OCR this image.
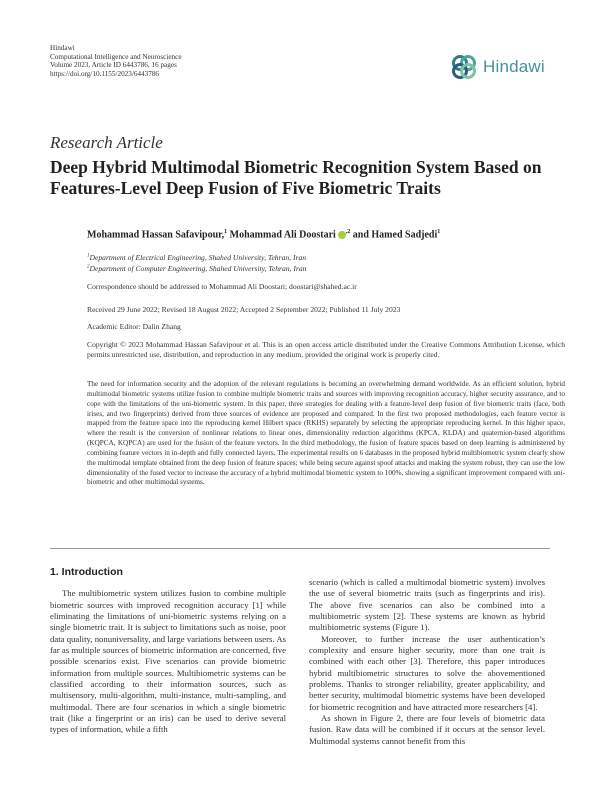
Hindawi
Computational Intelligence and Neuroscience
Volume 2023, Article ID 6443786, 16 pages
https://doi.org/10.1155/2023/6443786	Hindawi
Research Article
Deep Hybrid Multimodal Biometric Recognition System Based on Features-Level Deep Fusion of Five Biometric Traits
Mohammad Hassan Safavipour,$^1$ Mohammad Ali Doostari $^{,2}$ and Hamed Sadjedi$^1$
$^1$Department of Electrical Engineering, Shahed University, Tehran, Iran
$^2$Department of Computer Engineering, Shahed University, Tehran, Iran
Correspondence should be addressed to Mohammad Ali Doostari; doostari@shahed.ac.ir
Received 29 June 2022; Revised 18 August 2022; Accepted 2 September 2022; Published 11 July 2023
Academic Editor: Dalin Zhang
Copyright © 2023 Mohammad Hassan Safavipour et al. This is an open access article distributed under the Creative Commons Attribution License, which permits unrestricted use, distribution, and reproduction in any medium, provided the original work is properly cited.

The need for information security and the adoption of the relevant regulations is becoming an overwhelming demand worldwide. As an efficient solution, hybrid multimodal biometric systems utilize fusion to combine multiple biometric traits and sources with improving recognition accuracy, higher security assurance, and to cope with the limitations of the uni-biometric system. In this paper, three strategies for dealing with a feature-level deep fusion of five biometric traits (face, both irises, and two fingerprints) derived from three sources of evidence are proposed and compared. In the first two proposed methodologies, each feature vector is mapped from the feature space into the reproducing kernel Hilbert space (RKHS) separately by selecting the appropriate reproducing kernel. In this higher space, where the result is the conversion of nonlinear relations to linear ones, dimensionality reduction algorithms (KPCA, KLDA) and quaternion-based algorithms (KQPCA, KQPCA) are used for the fusion of the feature vectors. In the third methodology, the fusion of feature spaces based on deep learning is administered by combining feature vectors in in-depth and fully connected layers. The experimental results on 6 databases in the proposed hybrid multibiometric system clearly show the multimodal template obtained from the deep fusion of feature spaces; while being secure against spoof attacks and making the system robust, they can use the low dimensionality of the fused vector to increase the accuracy of a hybrid multimodal biometric system to 100%, showing a significant improvement compared with uni-biometric and other multimodal systems.

1. Introduction

The multibiometric system utilizes fusion to combine multiple biometric sources with improved recognition accuracy [1] while eliminating the limitations of uni-biometric systems relying on a single biometric trait. It is subject to limitations such as noise, poor data quality, nonuniversality, and large variations between users. As far as multiple sources of biometric information are concerned, five possible scenarios exist. Five scenarios can provide biometric information from multiple sources. Multibiometric systems can be classified according to their information sources, such as multisensory, multi-algorithm, multi-instance, multi-sampling, and multimodal. There are four scenarios in which a single biometric trait (like a fingerprint or an iris) can be used to derive several types of information, while a fifth

scenario (which is called a multimodal biometric system) involves the use of several biometric traits (such as fingerprints and iris). The above five scenarios can also be combined into a multibiometric system [2]. These systems are known as hybrid multibiometric systems (Figure 1).

Moreover, to further increase the user authentication’s complexity and ensure higher security, more than one trait is combined with each other [3]. Therefore, this paper introduces hybrid multibiometric structures to solve the abovementioned problems. Thanks to stronger reliability, greater applicability, and better security, multimodal biometric systems have been developed for biometric recognition and have attracted more researchers [4].

As shown in Figure 2, there are four levels of biometric data fusion. Raw data will be combined if it occurs at the sensor level. Multimodal systems cannot benefit from this
